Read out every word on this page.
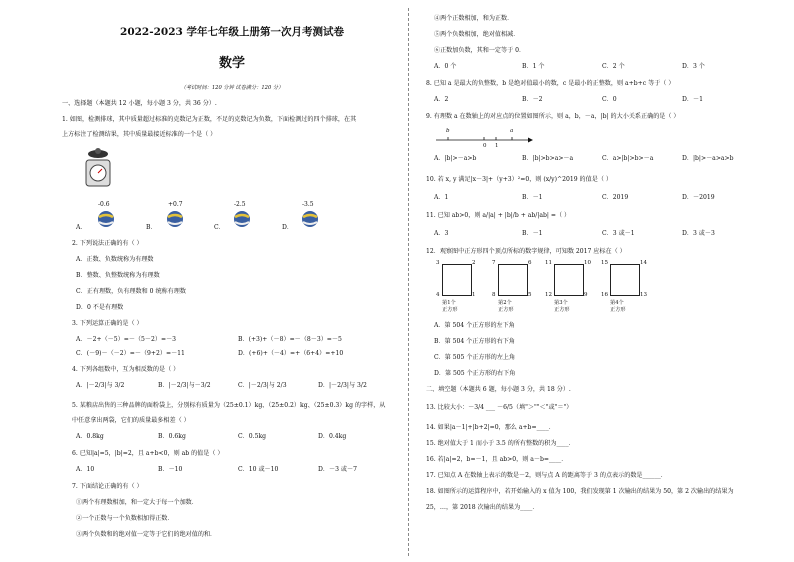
2022-2023 学年七年级上册第一次月考测试卷
数学
（考试时间：120 分钟 试卷满分：120 分）
一、选择题（本题共 12 小题，每小题 3 分，共 36 分）.
1. 如图，检测排球，其中质量超过标准的克数记为正数，不足的克数记为负数，下面检测过的四个排球，在其
上方标注了检测结果，其中质量最接近标准的一个是（ ）
-0.6	+0.7	-2.5	-3.5
A．	B．	C．	D．
2. 下列说法正确的有（ ）
A．正数、负数统称为有理数
B．整数、负整数统称为有理数
C．正有理数，负有理数和 0 统称有理数
D．0 不是有理数
3. 下列运算正确的是（ ）
A．－2+（－5）=－（5－2）=－3	B．(+3)+（－8）=－（8－3）=－5
C．(－9)－（－2）=－（9+2）=－11	D．(+6)+（－4）=+（6+4）=+10
4. 下列各组数中，互为相反数的是（ ）
A．|－2/3|与 3/2	B．|－2/3|与－3/2	C．|－2/3|与 2/3	D．|－2/3|与 3/2
5. 某粮店出售的三种品牌的面粉袋上，分别标有质量为（25±0.1）kg、（25±0.2）kg、（25±0.3）kg 的字样，从
中任意拿出两袋，它们的质量最多相差（ ）
A．0.8kg	B．0.6kg	C．0.5kg	D．0.4kg
6. 已知|a|=5，|b|=2，且 a+b<0，则 ab 的值是（ ）
A．10	B．－10	C．10 或－10	D．－3 或－7
7. 下面结论正确的有（ ）
①两个有理数相加，和一定大于每一个加数．
②一个正数与一个负数相加得正数．
③两个负数和的绝对值一定等于它们的绝对值的和．
④两个正数相加，和为正数．
⑤两个负数相加，绝对值相减．
⑥正数加负数，其和一定等于 0．
A．0 个	B．1 个	C．2 个	D．3 个
8. 已知 a 是最大的负整数，b 是绝对值最小的数，c 是最小的正整数，则 a+b+c 等于（ ）
A．2	B．－2	C．0	D．－1
9. 有理数 a 在数轴上的对应点的位置如图所示，则 a，b，－a，|b| 的大小关系正确的是（ ）
b	a
0 1
A．|b|>－a>b	B．|b|>b>a>－a	C．a>|b|>b>－a	D．|b|>－a>a>b
10. 若 x, y 满足|x－3|+（y+3）²=0，则 (x/y)^2019 的值是（ ）
A．1	B．－1	C．2019	D．－2019
11. 已知 ab>0，则 a/|a| + |b|/b + ab/|ab| =（ ）
A．3	B．－1	C．3 或－1	D．3 或－3
12．观察图中正方形四个顶点所标的数字规律，可知数 2017 应标在（ ）
3	2
1
4
第1个
正方形
7	6
5
8
第2个
正方形
11	10
9
12
第3个
正方形
15	14
13
16
第4个
正方形
A．第 504 个正方形的左下角
B．第 504 个正方形的右下角
C．第 505 个正方形的左上角
D．第 505 个正方形的右下角
二、填空题（本题共 6 题，每小题 3 分，共 18 分）.
13. 比较大小：－3/4 ___ －6/5（填"＞""＜"或"＝"）
14. 如果|a－1|+|b+2|=0，那么 a+b=____．
15. 绝对值大于 1 而小于 3.5 的所有整数的积为____．
16. 若|a|=2，b=－1，且 ab>0，则 a－b=____．
17. 已知点 A 在数轴上表示的数是－2，则与点 A 的距离等于 3 的点表示的数是______．
18. 如图所示的运算程序中，若开始输入的 x 值为 100，我们发现第 1 次输出的结果为 50，第 2 次输出的结果为
25，…，第 2018 次输出的结果为____．
